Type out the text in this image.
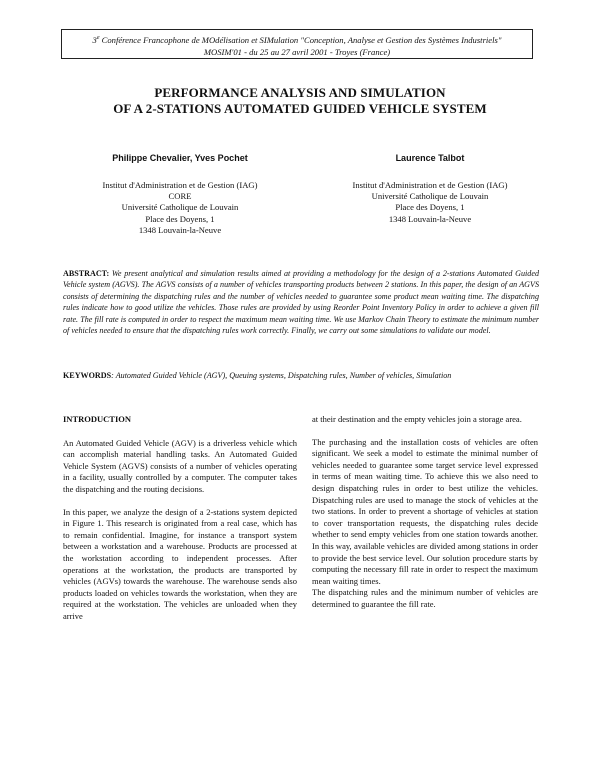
3e Conférence Francophone de MOdélisation et SIMulation "Conception, Analyse et Gestion des Systèmes Industriels"
MOSIM'01 - du 25 au 27 avril 2001 - Troyes (France)
PERFORMANCE ANALYSIS AND SIMULATION
OF A 2-STATIONS AUTOMATED GUIDED VEHICLE SYSTEM
Philippe Chevalier, Yves Pochet
Institut d'Administration et de Gestion (IAG)
CORE
Université Catholique de Louvain
Place des Doyens, 1
1348 Louvain-la-Neuve
Laurence Talbot
Institut d'Administration et de Gestion (IAG)
Université Catholique de Louvain
Place des Doyens, 1
1348 Louvain-la-Neuve

ABSTRACT: We present analytical and simulation results aimed at providing a methodology for the design of a 2-stations Automated Guided Vehicle system (AGVS). The AGVS consists of a number of vehicles transporting products between 2 stations. In this paper, the design of an AGVS consists of determining the dispatching rules and the number of vehicles needed to guarantee some product mean waiting time. The dispatching rules indicate how to good utilize the vehicles. Those rules are provided by using Reorder Point Inventory Policy in order to achieve a given fill rate. The fill rate is computed in order to respect the maximum mean waiting time. We use Markov Chain Theory to estimate the minimum number of vehicles needed to ensure that the dispatching rules work correctly. Finally, we carry out some simulations to validate our model.

KEYWORDS: Automated Guided Vehicle (AGV), Queuing systems, Dispatching rules, Number of vehicles, Simulation

INTRODUCTION

An Automated Guided Vehicle (AGV) is a driverless vehicle which can accomplish material handling tasks. An Automated Guided Vehicle System (AGVS) consists of a number of vehicles operating in a facility, usually controlled by a computer. The computer takes the dispatching and the routing decisions.

In this paper, we analyze the design of a 2-stations system depicted in Figure 1. This research is originated from a real case, which has to remain confidential. Imagine, for instance a transport system between a workstation and a warehouse. Products are processed at the workstation according to independent processes. After operations at the workstation, the products are transported by vehicles (AGVs) towards the warehouse. The warehouse sends also products loaded on vehicles towards the workstation, when they are required at the workstation. The vehicles are unloaded when they arrive

at their destination and the empty vehicles join a storage area.

The purchasing and the installation costs of vehicles are often significant. We seek a model to estimate the minimal number of vehicles needed to guarantee some target service level expressed in terms of mean waiting time. To achieve this we also need to design dispatching rules in order to best utilize the vehicles. Dispatching rules are used to manage the stock of vehicles at the two stations. In order to prevent a shortage of vehicles at station to cover transportation requests, the dispatching rules decide whether to send empty vehicles from one station towards another. In this way, available vehicles are divided among stations in order to provide the best service level. Our solution procedure starts by computing the necessary fill rate in order to respect the maximum mean waiting times.

The dispatching rules and the minimum number of vehicles are determined to guarantee the fill rate.
